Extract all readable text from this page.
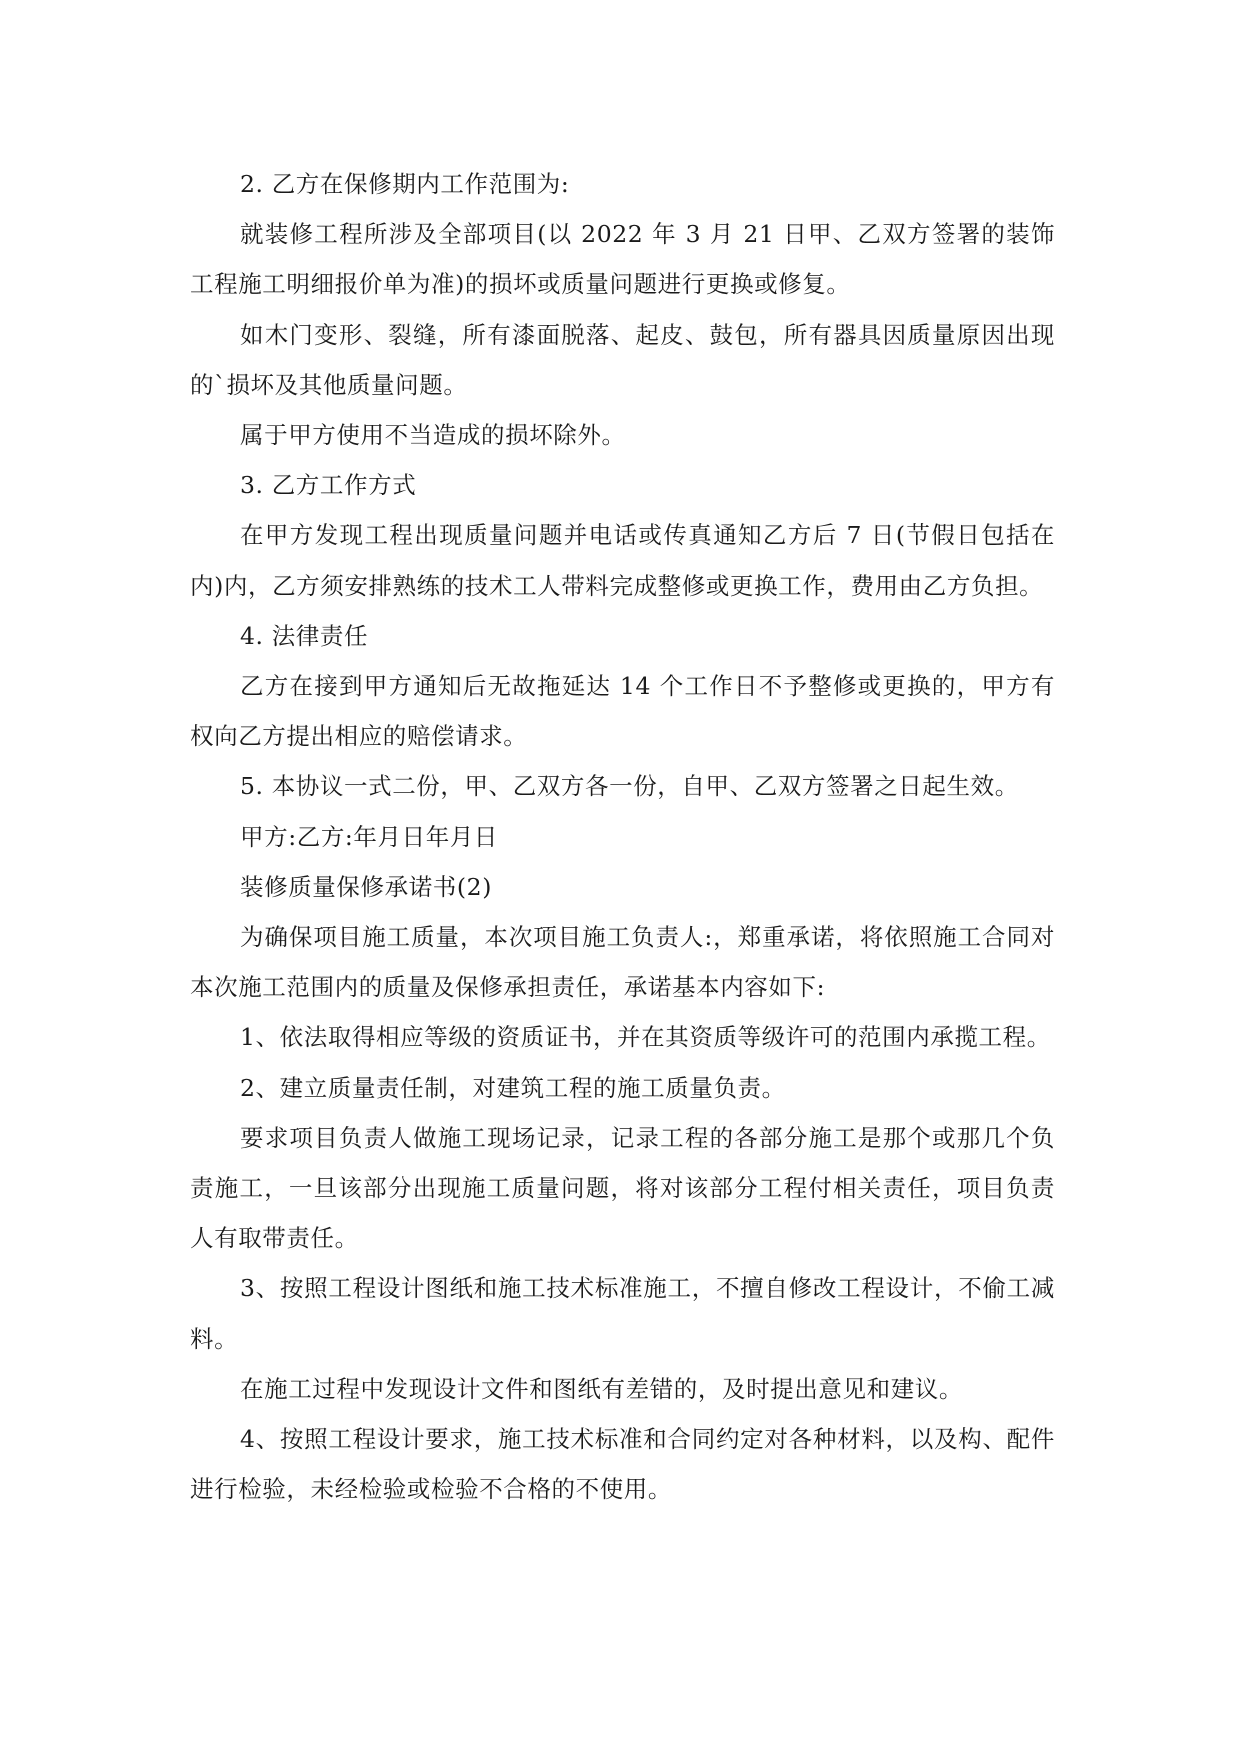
2. 乙方在保修期内工作范围为:

就装修工程所涉及全部项目(以 2022 年 3 月 21 日甲、乙双方签署的装饰工程施工明细报价单为准)的损坏或质量问题进行更换或修复。

如木门变形、裂缝，所有漆面脱落、起皮、鼓包，所有器具因质量原因出现的`损坏及其他质量问题。

属于甲方使用不当造成的损坏除外。

3. 乙方工作方式

在甲方发现工程出现质量问题并电话或传真通知乙方后 7 日(节假日包括在内)内，乙方须安排熟练的技术工人带料完成整修或更换工作，费用由乙方负担。

4. 法律责任

乙方在接到甲方通知后无故拖延达 14 个工作日不予整修或更换的，甲方有权向乙方提出相应的赔偿请求。

5. 本协议一式二份，甲、乙双方各一份，自甲、乙双方签署之日起生效。

甲方:乙方:年月日年月日

装修质量保修承诺书(2)

为确保项目施工质量，本次项目施工负责人:，郑重承诺，将依照施工合同对本次施工范围内的质量及保修承担责任，承诺基本内容如下:

1、依法取得相应等级的资质证书，并在其资质等级许可的范围内承揽工程。

2、建立质量责任制，对建筑工程的施工质量负责。

要求项目负责人做施工现场记录，记录工程的各部分施工是那个或那几个负责施工，一旦该部分出现施工质量问题，将对该部分工程付相关责任，项目负责人有取带责任。

3、按照工程设计图纸和施工技术标准施工，不擅自修改工程设计，不偷工减料。

在施工过程中发现设计文件和图纸有差错的，及时提出意见和建议。

4、按照工程设计要求，施工技术标准和合同约定对各种材料，以及构、配件进行检验，未经检验或检验不合格的不使用。
